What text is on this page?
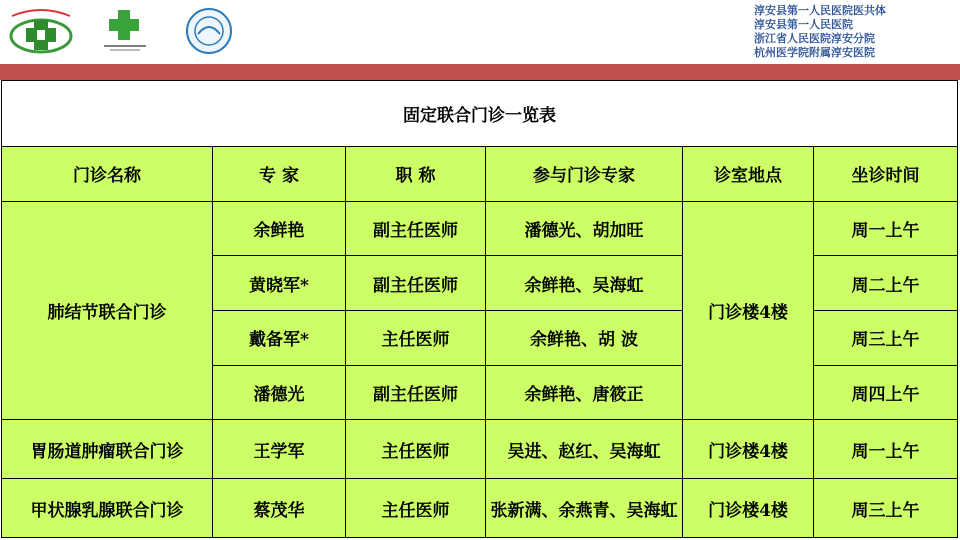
淳安县第一人民医院医共体
淳安县第一人民医院
浙江省人民医院淳安分院
杭州医学院附属淳安医院
固定联合门诊一览表					
门诊名称	专 家	职 称	参与门诊专家	诊室地点	坐诊时间
肺结节联合门诊	余鲜艳	副主任医师	潘德光、胡加旺	门诊楼4楼	周一上午
	黄晓军*	副主任医师	余鲜艳、吴海虹		周二上午
	戴备军*	主任医师	余鲜艳、胡 波		周三上午
	潘德光	副主任医师	余鲜艳、唐筱正		周四上午
胃肠道肿瘤联合门诊	王学军	主任医师	吴进、赵红、吴海虹	门诊楼4楼	周一上午
甲状腺乳腺联合门诊	蔡茂华	主任医师	张新满、余燕青、吴海虹	门诊楼4楼	周三上午
